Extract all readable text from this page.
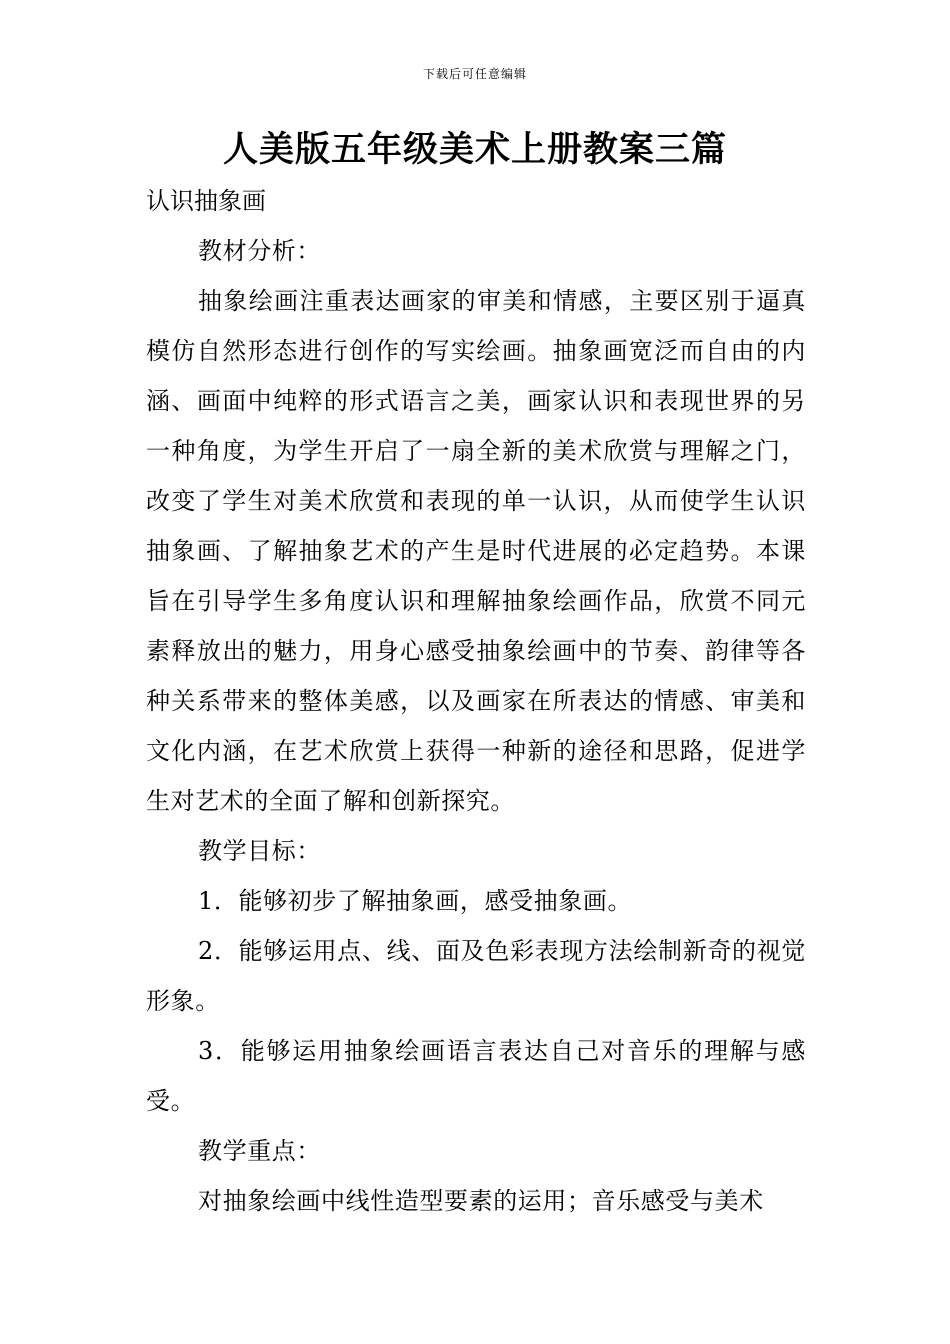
下载后可任意编辑
人美版五年级美术上册教案三篇

认识抽象画

教材分析：

抽象绘画注重表达画家的审美和情感，主要区别于逼真模仿自然形态进行创作的写实绘画。抽象画宽泛而自由的内涵、画面中纯粹的形式语言之美，画家认识和表现世界的另一种角度，为学生开启了一扇全新的美术欣赏与理解之门，改变了学生对美术欣赏和表现的单一认识，从而使学生认识抽象画、了解抽象艺术的产生是时代进展的必定趋势。本课旨在引导学生多角度认识和理解抽象绘画作品，欣赏不同元素释放出的魅力，用身心感受抽象绘画中的节奏、韵律等各种关系带来的整体美感，以及画家在所表达的情感、审美和文化内涵，在艺术欣赏上获得一种新的途径和思路，促进学生对艺术的全面了解和创新探究。

教学目标：

1．能够初步了解抽象画，感受抽象画。

2．能够运用点、线、面及色彩表现方法绘制新奇的视觉形象。

3．能够运用抽象绘画语言表达自己对音乐的理解与感受。

教学重点：

对抽象绘画中线性造型要素的运用；音乐感受与美术
